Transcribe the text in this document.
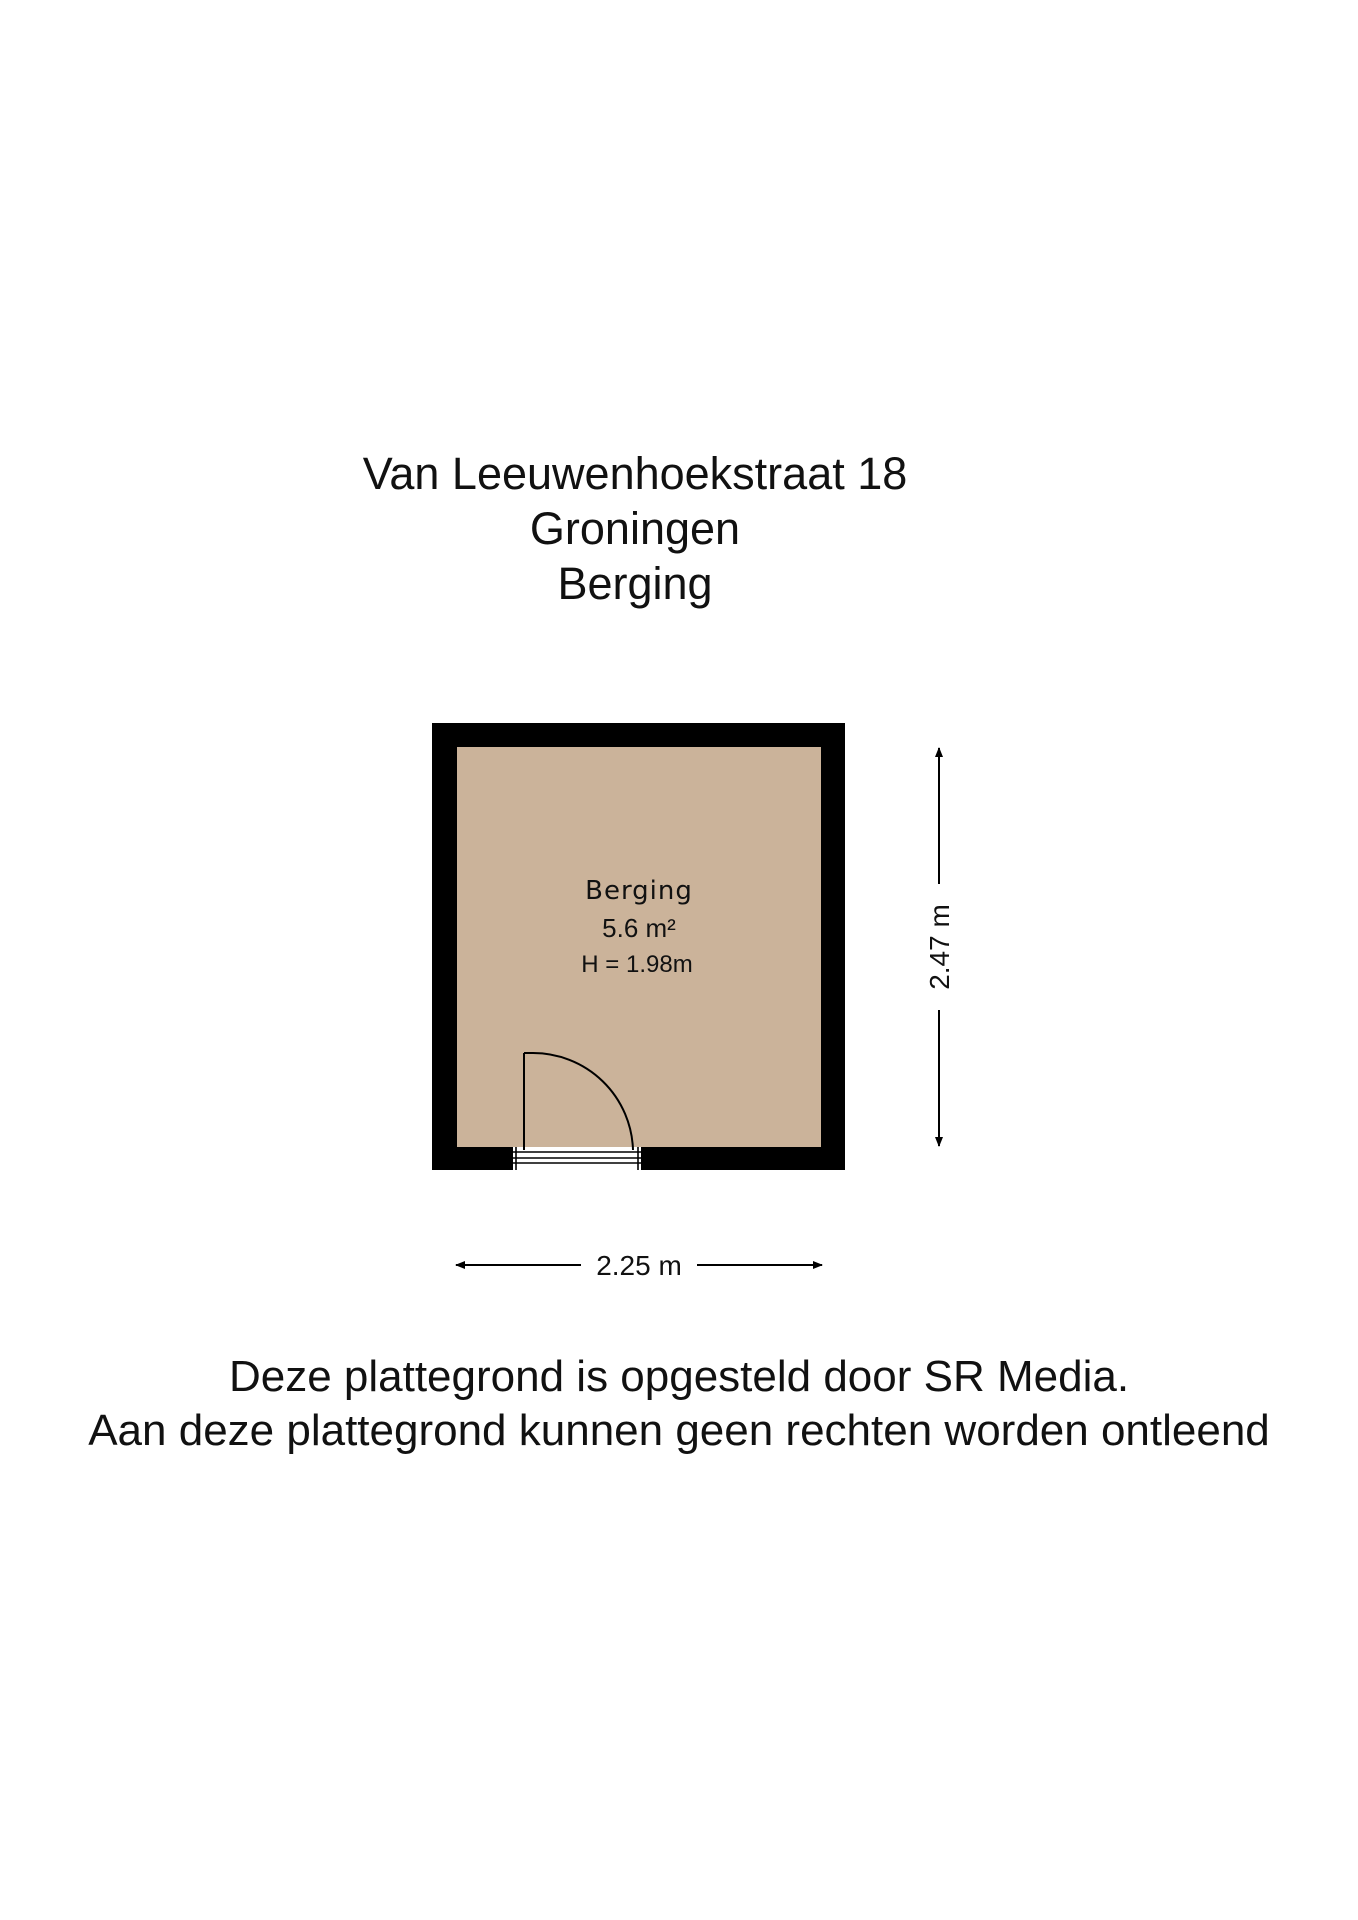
Van Leeuwenhoekstraat 18
Groningen
Berging
Berging
5.6 m²
H = 1.98m
2.25 m
2.47 m
Deze plattegrond is opgesteld door SR Media.
Aan deze plattegrond kunnen geen rechten worden ontleend
